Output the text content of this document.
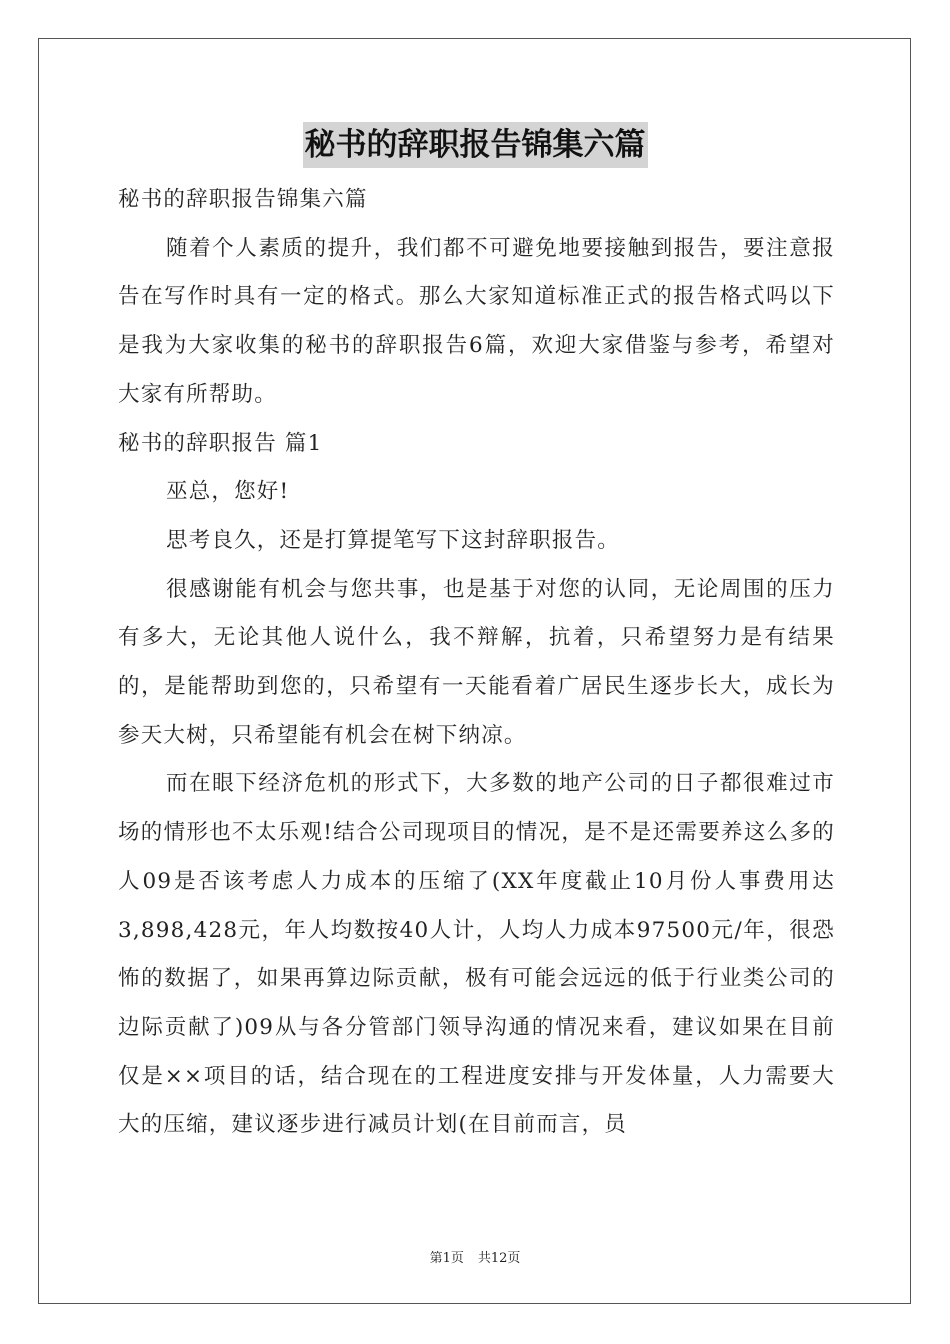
秘书的辞职报告锦集六篇

秘书的辞职报告锦集六篇

随着个人素质的提升，我们都不可避免地要接触到报告，要注意报告在写作时具有一定的格式。那么大家知道标准正式的报告格式吗以下是我为大家收集的秘书的辞职报告6篇，欢迎大家借鉴与参考，希望对大家有所帮助。

秘书的辞职报告 篇1

巫总，您好!

思考良久，还是打算提笔写下这封辞职报告。

很感谢能有机会与您共事，也是基于对您的认同，无论周围的压力有多大，无论其他人说什么，我不辩解，抗着，只希望努力是有结果的，是能帮助到您的，只希望有一天能看着广居民生逐步长大，成长为参天大树，只希望能有机会在树下纳凉。

而在眼下经济危机的形式下，大多数的地产公司的日子都很难过市场的情形也不太乐观!结合公司现项目的情况，是不是还需要养这么多的人09是否该考虑人力成本的压缩了(XX年度截止10月份人事费用达3,898,428元，年人均数按40人计，人均人力成本97500元/年，很恐怖的数据了，如果再算边际贡献，极有可能会远远的低于行业类公司的边际贡献了)09从与各分管部门领导沟通的情况来看，建议如果在目前仅是××项目的话，结合现在的工程进度安排与开发体量，人力需要大大的压缩，建议逐步进行减员计划(在目前而言，员

第1页 共12页
